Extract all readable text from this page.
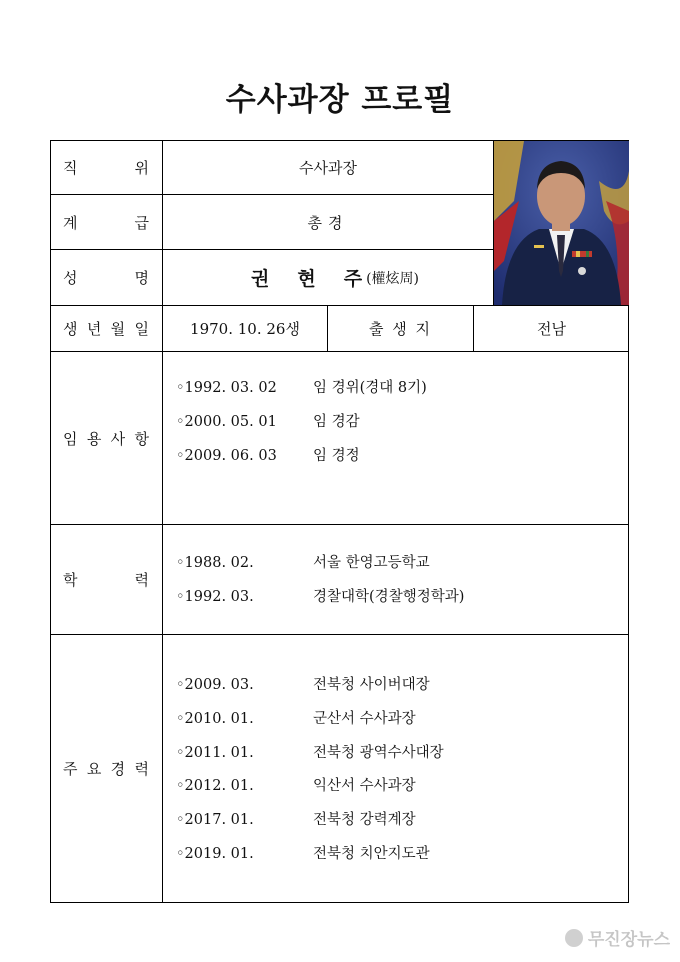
수사과장 프로필
직	위	수사과장
계	급	총경
성	명	권 현 주 (權炫周)
생 년 월 일	1970. 10. 26생	출 생 지	전남
임 용 사 항
◦1992. 03. 02	임 경위(경대 8기)
◦2000. 05. 01	임 경감
◦2009. 06. 03	임 경정
학	력
◦1988. 02.	서울 한영고등학교
◦1992. 03.	경찰대학(경찰행정학과)
주 요 경 력
◦2009. 03.	전북청 사이버대장
◦2010. 01.	군산서 수사과장
◦2011. 01.	전북청 광역수사대장
◦2012. 01.	익산서 수사과장
◦2017. 01.	전북청 강력계장
◦2019. 01.	전북청 치안지도관
무진장뉴스
